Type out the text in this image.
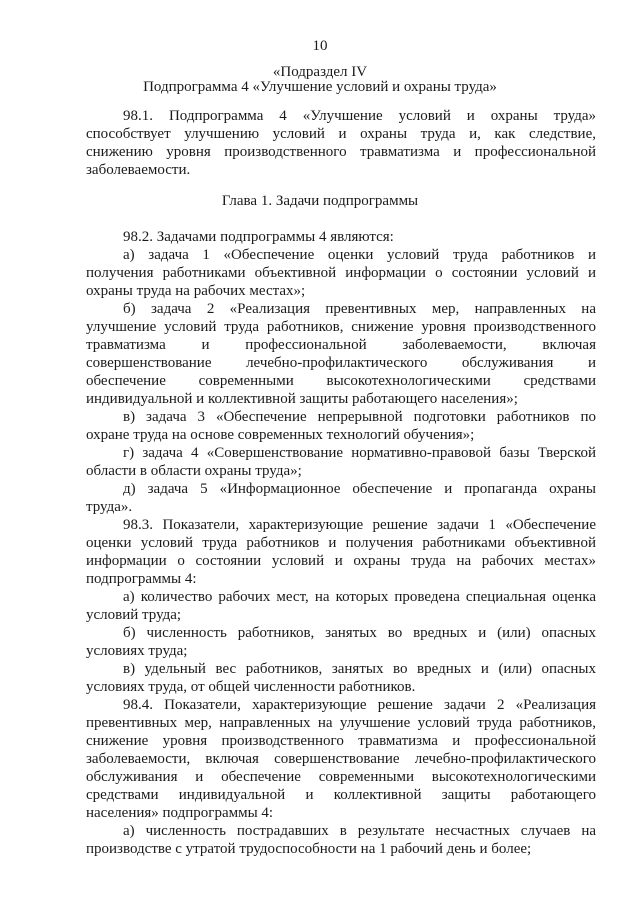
10
«Подраздел IV
Подпрограмма 4 «Улучшение условий и охраны труда»
98.1. Подпрограмма 4 «Улучшение условий и охраны труда»
способствует улучшению условий и охраны труда и, как следствие,
снижению уровня производственного травматизма и профессиональной
заболеваемости.
Глава 1. Задачи подпрограммы
98.2. Задачами подпрограммы 4 являются:
а) задача 1 «Обеспечение оценки условий труда работников и
получения работниками объективной информации о состоянии условий и
охраны труда на рабочих местах»;
б) задача 2 «Реализация превентивных мер, направленных на
улучшение условий труда работников, снижение уровня производственного
травматизма и профессиональной заболеваемости, включая
совершенствование лечебно-профилактического обслуживания и
обеспечение современными высокотехнологическими средствами
индивидуальной и коллективной защиты работающего населения»;
в) задача 3 «Обеспечение непрерывной подготовки работников по
охране труда на основе современных технологий обучения»;
г) задача 4 «Совершенствование нормативно-правовой базы Тверской
области в области охраны труда»;
д) задача 5 «Информационное обеспечение и пропаганда охраны
труда».
98.3. Показатели, характеризующие решение задачи 1 «Обеспечение
оценки условий труда работников и получения работниками объективной
информации о состоянии условий и охраны труда на рабочих местах»
подпрограммы 4:
а) количество рабочих мест, на которых проведена специальная оценка
условий труда;
б) численность работников, занятых во вредных и (или) опасных
условиях труда;
в) удельный вес работников, занятых во вредных и (или) опасных
условиях труда, от общей численности работников.
98.4. Показатели, характеризующие решение задачи 2 «Реализация
превентивных мер, направленных на улучшение условий труда работников,
снижение уровня производственного травматизма и профессиональной
заболеваемости, включая совершенствование лечебно-профилактического
обслуживания и обеспечение современными высокотехнологическими
средствами индивидуальной и коллективной защиты работающего
населения» подпрограммы 4:
а) численность пострадавших в результате несчастных случаев на
производстве с утратой трудоспособности на 1 рабочий день и более;
